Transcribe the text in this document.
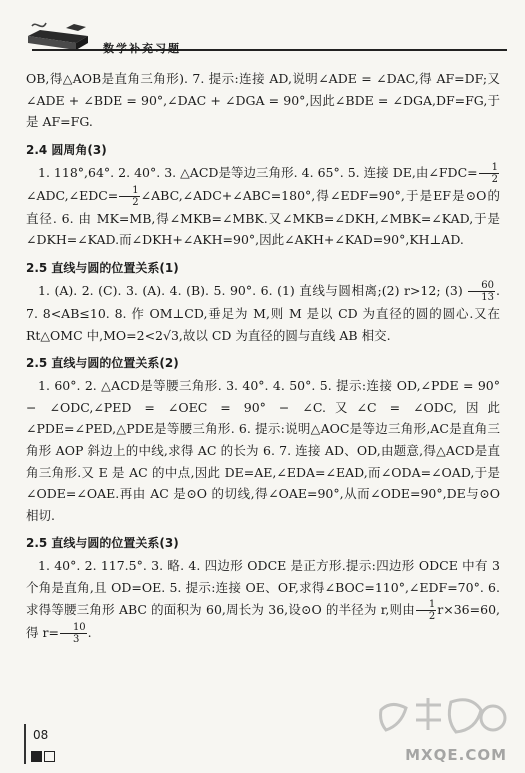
数学补充习题

OB,得△AOB是直角三角形). 7. 提示:连接 AD,说明∠ADE = ∠DAC,得 AF=DF;又∠ADE + ∠BDE = 90°,∠DAC + ∠DGA = 90°,因此∠BDE = ∠DGA,DF=FG,于是 AF=FG.

2.4 圆周角(3)

1. 118°,64°. 2. 40°. 3. △ACD是等边三角形. 4. 65°. 5. 连接 DE,由∠FDC= $\frac{1}{2}$
∠ADC,∠EDC= $\frac{1}{2}$ ∠ABC,∠ADC+∠ABC=180°,得∠EDF=90°,于是EF是⊙O的直径. 6. 由 MK=MB,得∠MKB=∠MBK.又∠MKB=∠DKH,∠MBK=∠KAD,于是∠DKH=∠KAD.而∠DKH+∠AKH=90°,因此∠AKH+∠KAD=90°,KH⊥AD.

2.5 直线与圆的位置关系(1)

1. (A). 2. (C). 3. (A). 4. (B). 5. 90°. 6. (1) 直线与圆相离;(2) r>12; $(3) \frac{60}{13}$ . 7. 8<AB≤10. 8. 作 OM⊥CD,垂足为 M,则 M 是以 CD 为直径的圆的圆心.又在 Rt△OMC 中,MO=2<2√3,故以 CD 为直径的圆与直线 AB 相交.

2.5 直线与圆的位置关系(2)

1. 60°. 2. △ACD是等腰三角形. 3. 40°. 4. 50°. 5. 提示:连接 OD,∠PDE = 90° − ∠ODC,∠PED = ∠OEC = 90° − ∠C.又∠C = ∠ODC,因此∠PDE=∠PED,△PDE是等腰三角形. 6. 提示:说明△AOC是等边三角形,AC是直角三角形 AOP 斜边上的中线,求得 AC 的长为 6. 7. 连接 AD、OD,由题意,得△ACD是直角三角形.又 E 是 AC 的中点,因此 DE=AE,∠EDA=∠EAD,而∠ODA=∠OAD,于是∠ODE=∠OAE.再由 AC 是⊙O 的切线,得∠OAE=90°,从而∠ODE=90°,DE与⊙O相切.

2.5 直线与圆的位置关系(3)

1. 40°. 2. 117.5°. 3. 略. 4. 四边形 ODCE 是正方形.提示:四边形 ODCE 中有 3 个角是直角,且 OD=OE. 5. 提示:连接 OE、OF,求得∠BOC=110°,∠EDF=70°. 6. 求得等腰三角形 ABC 的面积为 60,周长为 36,设⊙O 的半径为 r,则由 $\frac{1}{2} r\times 36=60$,得 $r= \frac{10}{3}$ .

08
MXQE.COM
